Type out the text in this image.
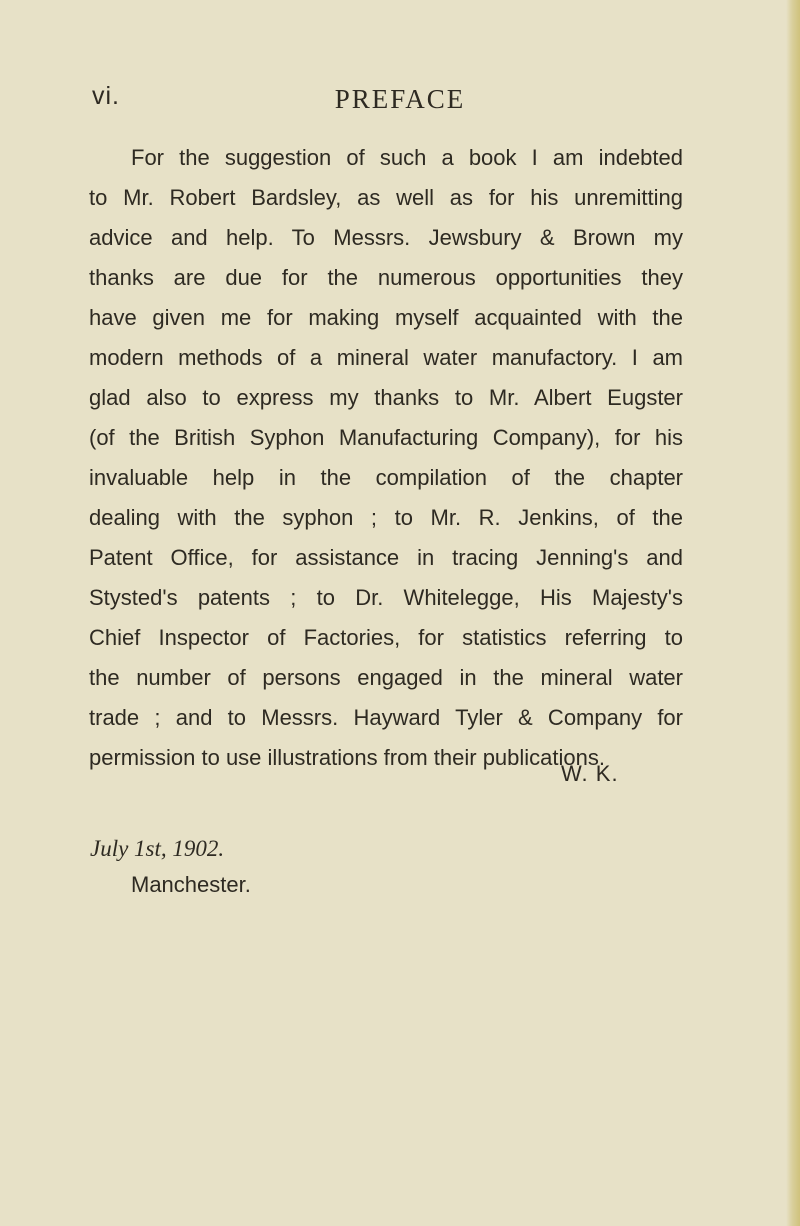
vi.	PREFACE
For the suggestion of such a book I am indebted
to Mr. Robert Bardsley, as well as for his unremitting
advice and help. To Messrs. Jewsbury & Brown my
thanks are due for the numerous opportunities they
have given me for making myself acquainted with the
modern methods of a mineral water manufactory. I am
glad also to express my thanks to Mr. Albert Eugster
(of the British Syphon Manufacturing Company), for his
invaluable help in the compilation of the chapter
dealing with the syphon ; to Mr. R. Jenkins, of the
Patent Office, for assistance in tracing Jenning's and
Stysted's patents ; to Dr. Whitelegge, His Majesty's
Chief Inspector of Factories, for statistics referring to
the number of persons engaged in the mineral water
trade ; and to Messrs. Hayward Tyler & Company for
permission to use illustrations from their publications.
W. K.
July 1st, 1902.
Manchester.
